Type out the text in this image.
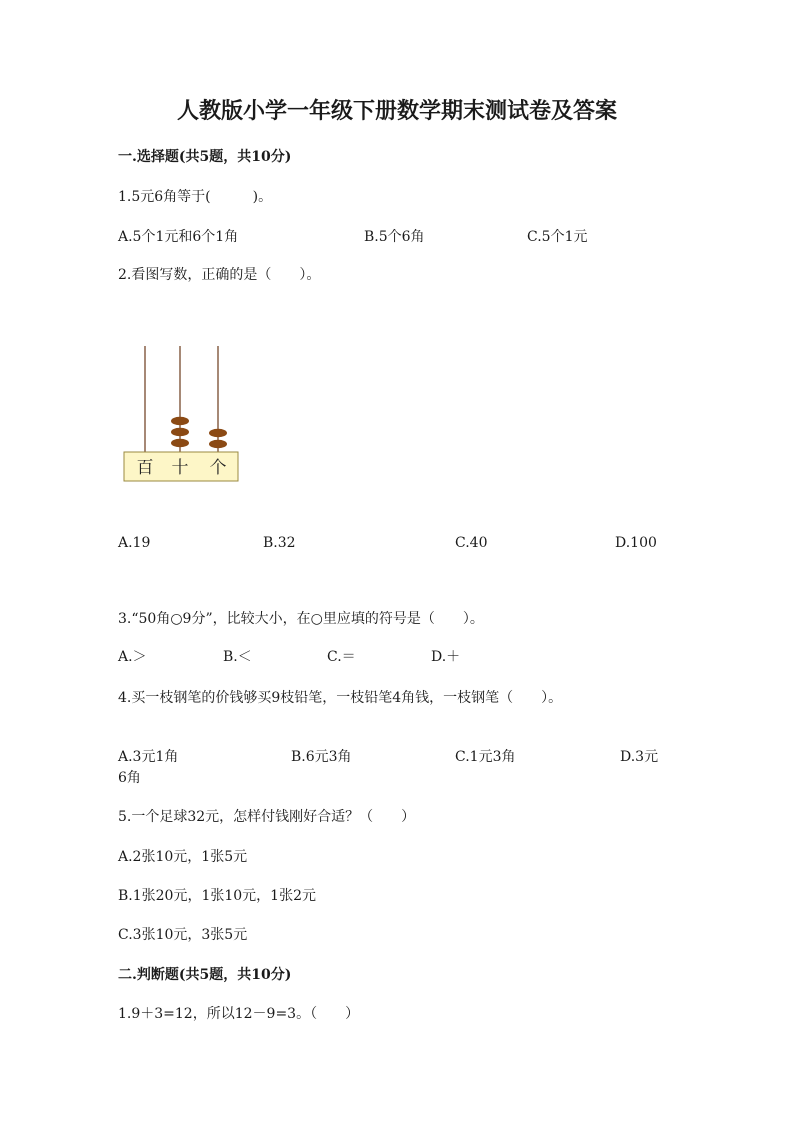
人教版小学一年级下册数学期末测试卷及答案
一.选择题(共5题，共10分)
1.5元6角等于(　　　)。
A.5个1元和6个1角	B.5个6角	C.5个1元
2.看图写数，正确的是（　　）。
百 十 个
A.19	B.32	C.40	D.100
3.“50角○9分”，比较大小，在○里应填的符号是（　　）。
A.＞	B.＜	C.＝	D.＋
4.买一枝钢笔的价钱够买9枝铅笔，一枝铅笔4角钱，一枝钢笔（　　）。
A.3元1角	B.6元3角	C.1元3角	D.3元
6角
5.一个足球32元，怎样付钱刚好合适？（　　）
A.2张10元，1张5元
B.1张20元，1张10元，1张2元
C.3张10元，3张5元
二.判断题(共5题，共10分)
1.9＋3=12，所以12－9=3。（　　）
